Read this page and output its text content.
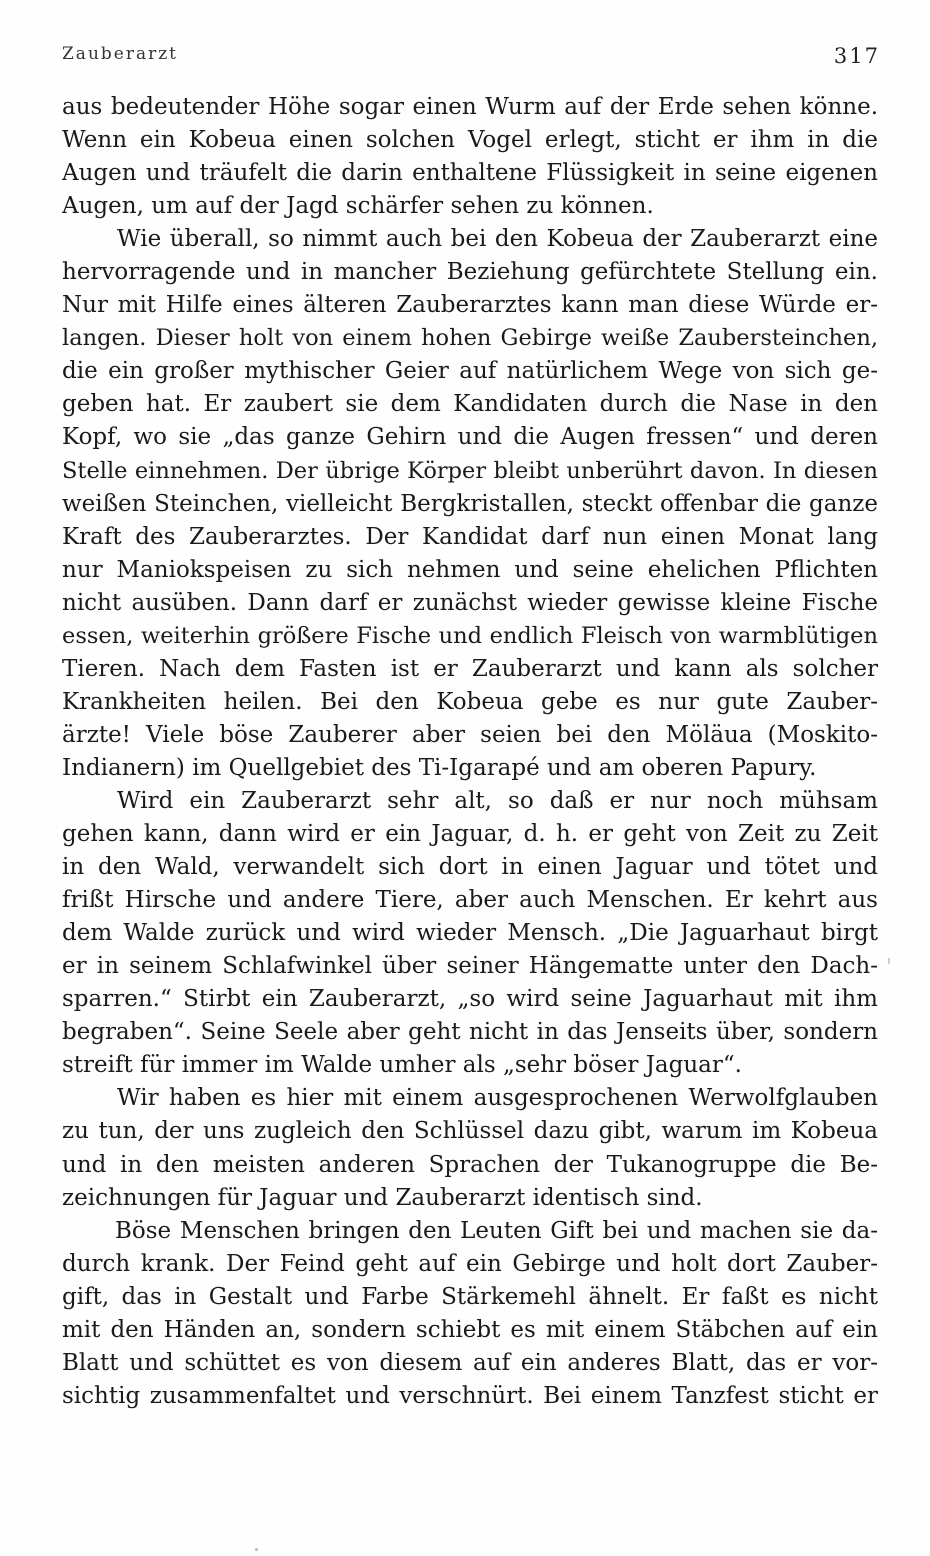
Zauberarzt	317
aus bedeutender Höhe sogar einen Wurm auf der Erde sehen könne.
Wenn ein Kobeua einen solchen Vogel erlegt, sticht er ihm in die
Augen und träufelt die darin enthaltene Flüssigkeit in seine eigenen
Augen, um auf der Jagd schärfer sehen zu können.
Wie überall, so nimmt auch bei den Kobeua der Zauberarzt eine
hervorragende und in mancher Beziehung gefürchtete Stellung ein.
Nur mit Hilfe eines älteren Zauberarztes kann man diese Würde er-
langen. Dieser holt von einem hohen Gebirge weiße Zaubersteinchen,
die ein großer mythischer Geier auf natürlichem Wege von sich ge-
geben hat. Er zaubert sie dem Kandidaten durch die Nase in den
Kopf, wo sie „das ganze Gehirn und die Augen fressen“ und deren
Stelle einnehmen. Der übrige Körper bleibt unberührt davon. In diesen
weißen Steinchen, vielleicht Bergkristallen, steckt offenbar die ganze
Kraft des Zauberarztes. Der Kandidat darf nun einen Monat lang
nur Maniokspeisen zu sich nehmen und seine ehelichen Pflichten
nicht ausüben. Dann darf er zunächst wieder gewisse kleine Fische
essen, weiterhin größere Fische und endlich Fleisch von warmblütigen
Tieren. Nach dem Fasten ist er Zauberarzt und kann als solcher
Krankheiten heilen. Bei den Kobeua gebe es nur gute Zauber-
ärzte! Viele böse Zauberer aber seien bei den Möläua (Moskito-
Indianern) im Quellgebiet des Ti-Igarapé und am oberen Papury.
Wird ein Zauberarzt sehr alt, so daß er nur noch mühsam
gehen kann, dann wird er ein Jaguar, d. h. er geht von Zeit zu Zeit
in den Wald, verwandelt sich dort in einen Jaguar und tötet und
frißt Hirsche und andere Tiere, aber auch Menschen. Er kehrt aus
dem Walde zurück und wird wieder Mensch. „Die Jaguarhaut birgt
er in seinem Schlafwinkel über seiner Hängematte unter den Dach-
sparren.“ Stirbt ein Zauberarzt, „so wird seine Jaguarhaut mit ihm
begraben“. Seine Seele aber geht nicht in das Jenseits über, sondern
streift für immer im Walde umher als „sehr böser Jaguar“.
Wir haben es hier mit einem ausgesprochenen Werwolfglauben
zu tun, der uns zugleich den Schlüssel dazu gibt, warum im Kobeua
und in den meisten anderen Sprachen der Tukanogruppe die Be-
zeichnungen für Jaguar und Zauberarzt identisch sind.
Böse Menschen bringen den Leuten Gift bei und machen sie da-
durch krank. Der Feind geht auf ein Gebirge und holt dort Zauber-
gift, das in Gestalt und Farbe Stärkemehl ähnelt. Er faßt es nicht
mit den Händen an, sondern schiebt es mit einem Stäbchen auf ein
Blatt und schüttet es von diesem auf ein anderes Blatt, das er vor-
sichtig zusammenfaltet und verschnürt. Bei einem Tanzfest sticht er
